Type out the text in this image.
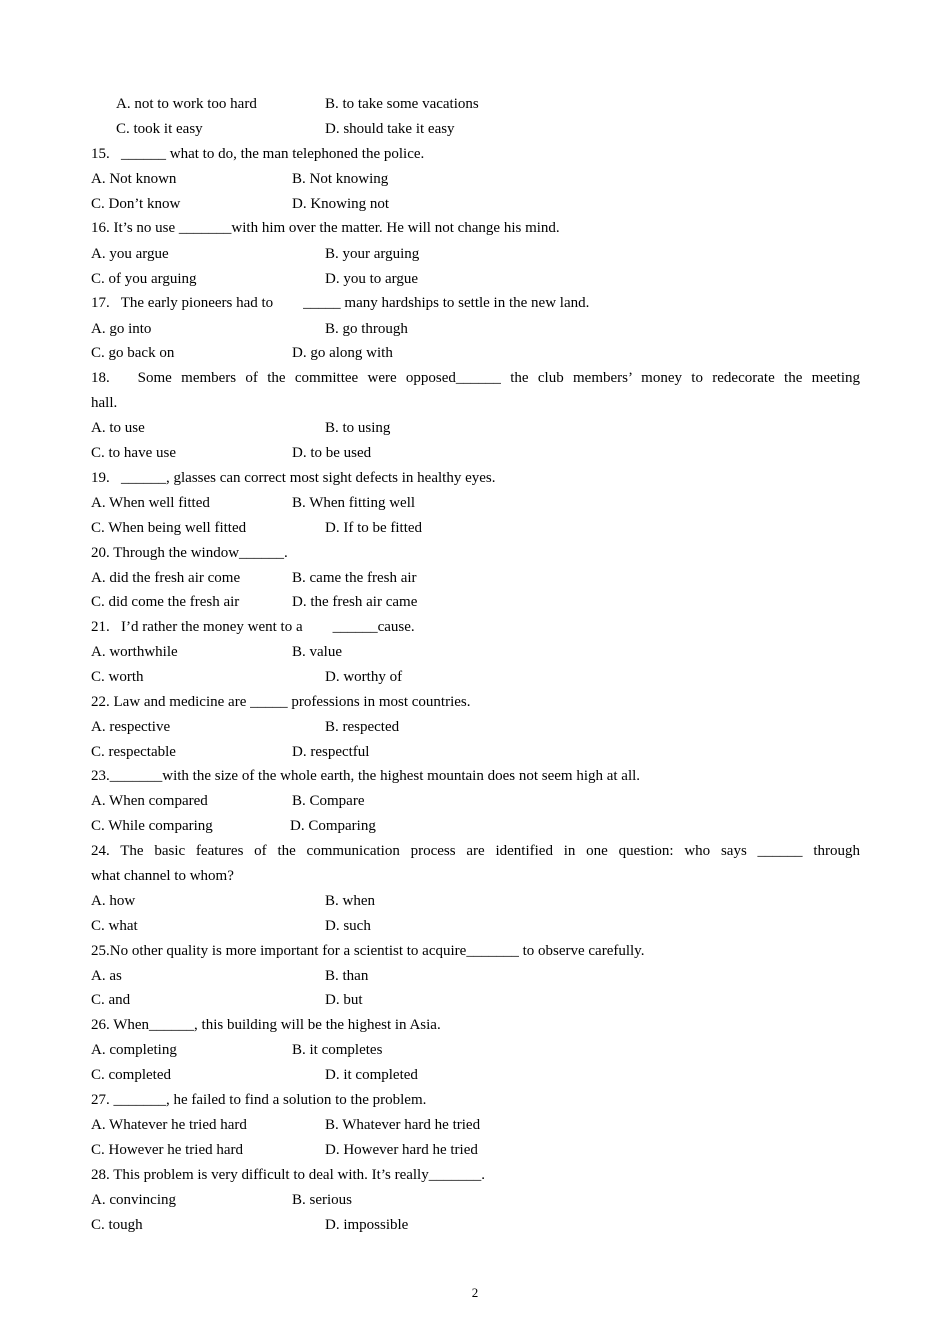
A. not to work too hard	B. to take some vacations
C. took it easy	D. should take it easy
15.   ______ what to do, the man telephoned the police.
A. Not known	B. Not knowing
C. Don’t know	D. Knowing not
16. It’s no use _______with him over the matter. He will not change his mind.
A. you argue	B. your arguing
C. of you arguing	D. you to argue
17.   The early pioneers had to        _____ many hardships to settle in the new land.
A. go into	B. go through
C. go back on	D. go along with
18.   Some members of the committee were opposed______ the club members’ money to redecorate the meeting
hall.
A. to use	B. to using
C. to have use	D. to be used
19.   ______, glasses can correct most sight defects in healthy eyes.
A. When well fitted	B. When fitting well
C. When being well fitted	D. If to be fitted
20. Through the window______.
A. did the fresh air come	B. came the fresh air
C. did come the fresh air	D. the fresh air came
21.   I’d rather the money went to a        ______cause.
A. worthwhile	B. value
C. worth	D. worthy of
22. Law and medicine are _____ professions in most countries.
A. respective	B. respected
C. respectable	D. respectful
23._______with the size of the whole earth, the highest mountain does not seem high at all.
A. When compared	B. Compare
C. While comparing	D. Comparing
24. The basic features of the communication process are identified in one question: who says ______ through
what channel to whom?
A. how	B. when
C. what	D. such
25.No other quality is more important for a scientist to acquire_______ to observe carefully.
A. as	B. than
C. and	D. but
26. When______, this building will be the highest in Asia.
A. completing	B. it completes
C. completed	D. it completed
27. _______, he failed to find a solution to the problem.
A. Whatever he tried hard	B. Whatever hard he tried
C. However he tried hard	D. However hard he tried
28. This problem is very difficult to deal with. It’s really_______.
A. convincing	B. serious
C. tough	D. impossible
2
